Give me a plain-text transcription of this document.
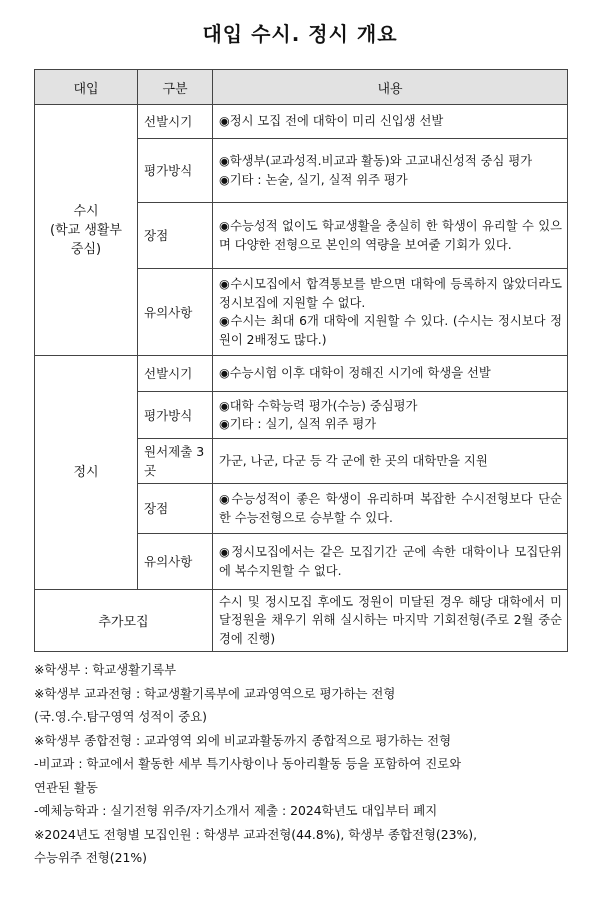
대입 수시. 정시 개요
대입	구분	내용

수시
(학교 생활부
중심)	선발시기	◉정시 모집 전에 대학이 미리 신입생 선발

	평가방식	◉학생부(교과성적.비교과 활동)와 고교내신성적 중심 평가
◉기타 : 논술, 실기, 실적 위주 평가

	장점	◉수능성적 없이도 학교생활을 충실히 한 학생이 유리할 수 있으며 다양한 전형으로 본인의 역량을 보여줄 기회가 있다.

	유의사항	◉수시모집에서 합격통보를 받으면 대학에 등록하지 않았더라도 정시보집에 지원할 수 없다.
◉수시는 최대 6개 대학에 지원할 수 있다. (수시는 정시보다 정원이 2배정도 많다.)

정시	선발시기	◉수능시험 이후 대학이 정해진 시기에 학생을 선발

	평가방식	◉대학 수학능력 평가(수능) 중심평가
◉기타 : 실기, 실적 위주 평가

	원서제출 3곳	가군, 나군, 다군 등 각 군에 한 곳의 대학만을 지원

	장점	◉수능성적이 좋은 학생이 유리하며 복잡한 수시전형보다 단순한 수능전형으로 승부할 수 있다.

	유의사항	◉정시모집에서는 같은 모집기간 군에 속한 대학이나 모집단위에 복수지원할 수 없다.

추가모집		수시 및 정시모집 후에도 정원이 미달된 경우 해당 대학에서 미달정원을 채우기 위해 실시하는 마지막 기회전형(주로 2월 중순경에 진행)
※학생부 : 학교생활기록부
※학생부 교과전형 : 학교생활기록부에 교과영역으로 평가하는 전형
(국.영.수.탐구영역 성적이 중요)
※학생부 종합전형 : 교과영역 외에 비교과활동까지 종합적으로 평가하는 전형
-비교과 : 학교에서 활동한 세부 특기사항이나 동아리활동 등을 포함하여 진로와
연관된 활동
-예체능학과 : 실기전형 위주/자기소개서 제출 : 2024학년도 대입부터 폐지
※2024년도 전형별 모집인원 : 학생부 교과전형(44.8%), 학생부 종합전형(23%),
수능위주 전형(21%)
